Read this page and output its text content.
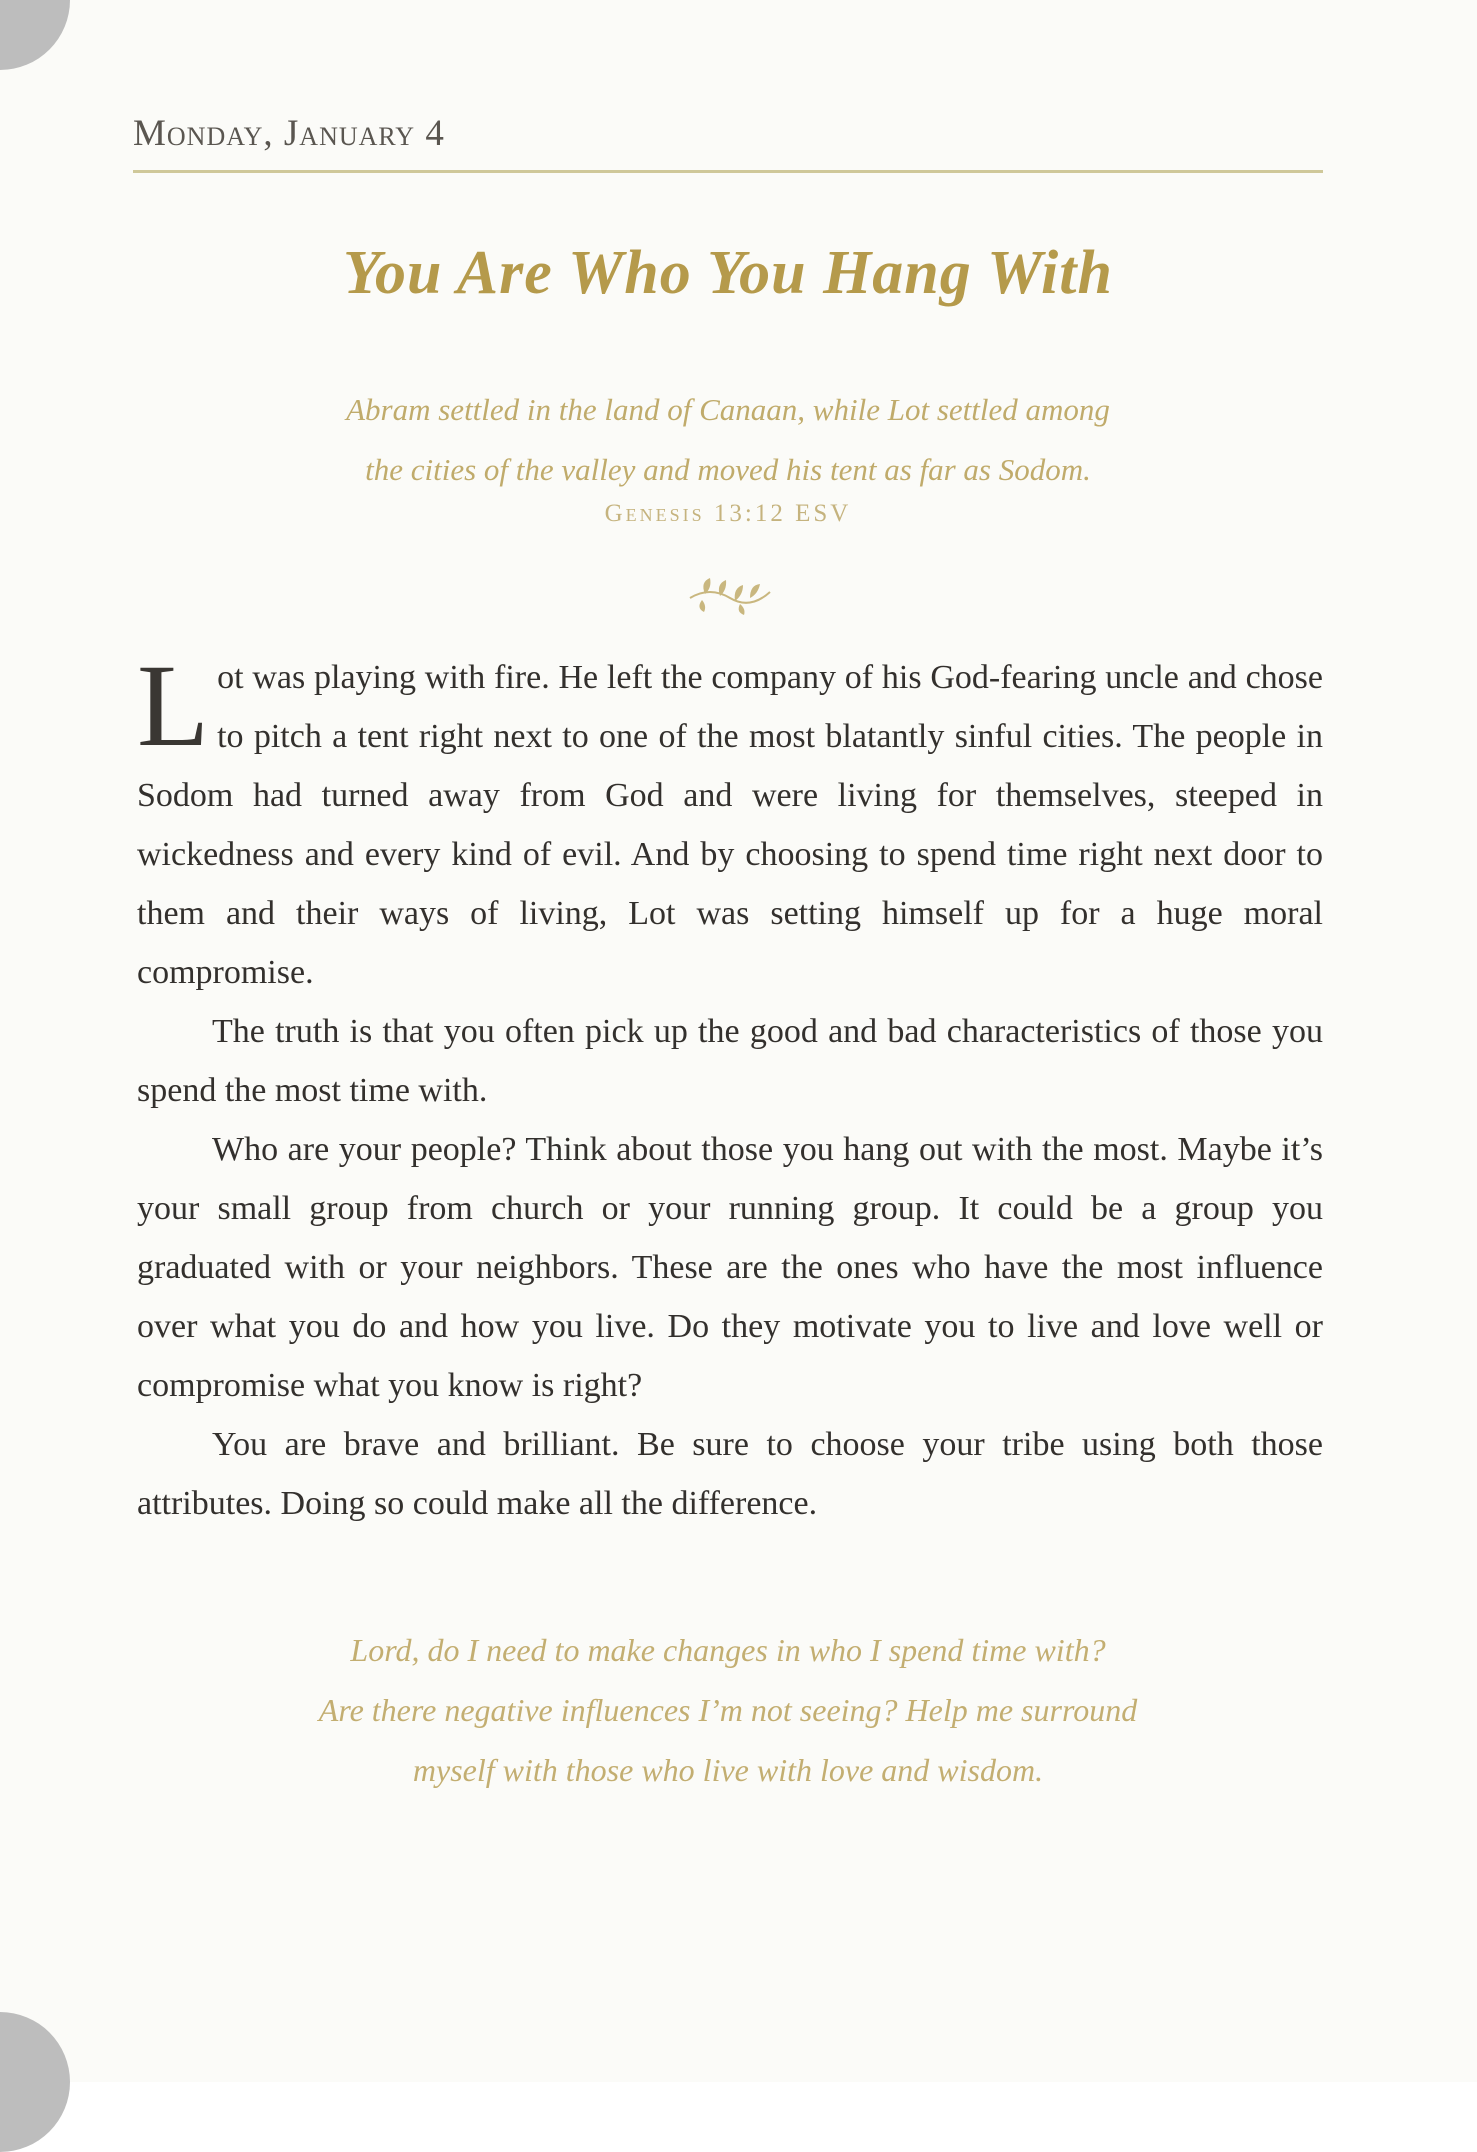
Monday, January 4
You Are Who You Hang With
Abram settled in the land of Canaan, while Lot settled among
the cities of the valley and moved his tent as far as Sodom.
Genesis 13:12 ESV

Lot was playing with fire. He left the company of his God-fearing uncle and chose to pitch a tent right next to one of the most blatantly sinful cities. The people in Sodom had turned away from God and were living for themselves, steeped in wickedness and every kind of evil. And by choosing to spend time right next door to them and their ways of living, Lot was setting himself up for a huge moral compromise.

The truth is that you often pick up the good and bad characteristics of those you spend the most time with.

Who are your people? Think about those you hang out with the most. Maybe it’s your small group from church or your running group. It could be a group you graduated with or your neighbors. These are the ones who have the most influence over what you do and how you live. Do they motivate you to live and love well or compromise what you know is right?

You are brave and brilliant. Be sure to choose your tribe using both those attributes. Doing so could make all the difference.

Lord, do I need to make changes in who I spend time with?
Are there negative influences I’m not seeing? Help me surround
myself with those who live with love and wisdom.
